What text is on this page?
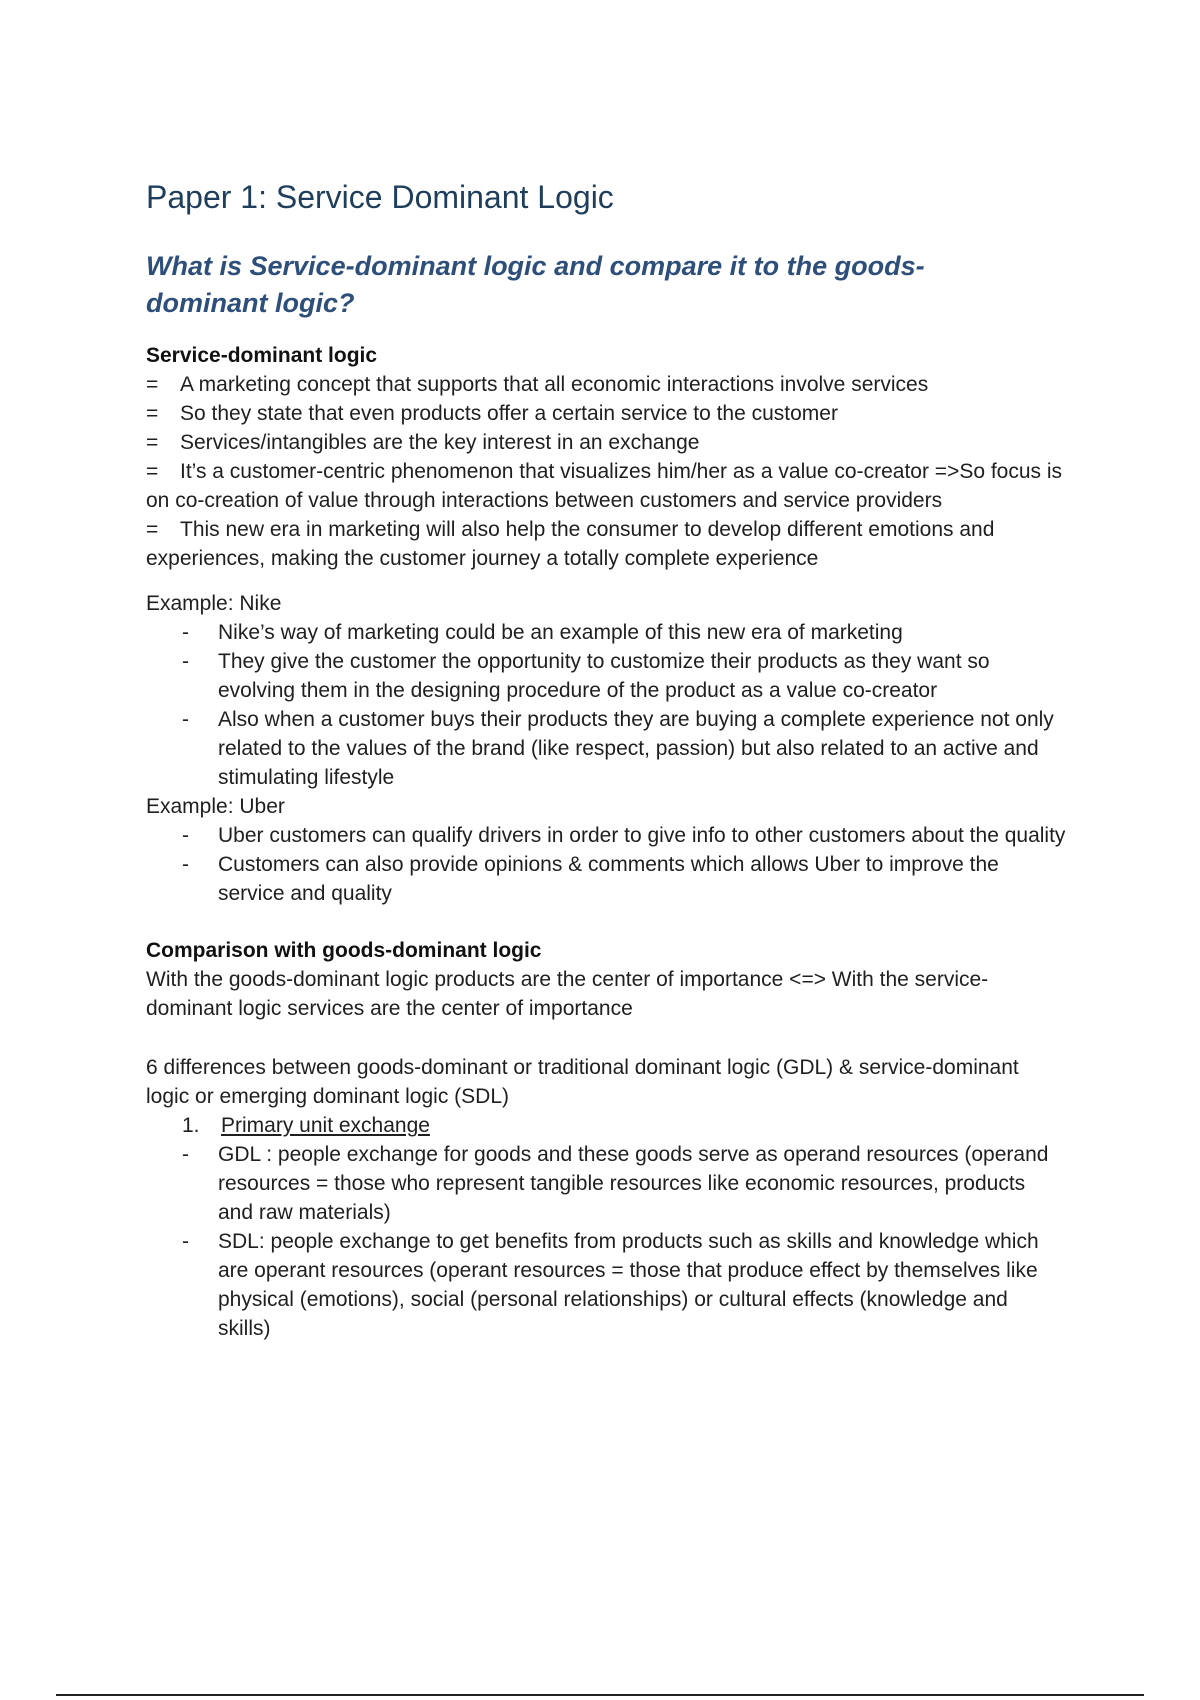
Paper 1: Service Dominant Logic
What is Service-dominant logic and compare it to the goods-dominant logic?

Service-dominant logic

= A marketing concept that supports that all economic interactions involve services

= So they state that even products offer a certain service to the customer

= Services/intangibles are the key interest in an exchange

= It’s a customer-centric phenomenon that visualizes him/her as a value co-creator =>So focus is on co-creation of value through interactions between customers and service providers

= This new era in marketing will also help the consumer to develop different emotions and experiences, making the customer journey a totally complete experience

Example: Nike

- Nike’s way of marketing could be an example of this new era of marketing
- They give the customer the opportunity to customize their products as they want so evolving them in the designing procedure of the product as a value co-creator
- Also when a customer buys their products they are buying a complete experience not only related to the values of the brand (like respect, passion) but also related to an active and stimulating lifestyle

Example: Uber

- Uber customers can qualify drivers in order to give info to other customers about the quality
- Customers can also provide opinions & comments which allows Uber to improve the service and quality

Comparison with goods-dominant logic

With the goods-dominant logic products are the center of importance <=> With the service-dominant logic services are the center of importance

6 differences between goods-dominant or traditional dominant logic (GDL) & service-dominant logic or emerging dominant logic (SDL)

1. Primary unit exchange
- GDL : people exchange for goods and these goods serve as operand resources (operand resources = those who represent tangible resources like economic resources, products and raw materials)
- SDL: people exchange to get benefits from products such as skills and knowledge which are operant resources (operant resources = those that produce effect by themselves like physical (emotions), social (personal relationships) or cultural effects (knowledge and skills)
